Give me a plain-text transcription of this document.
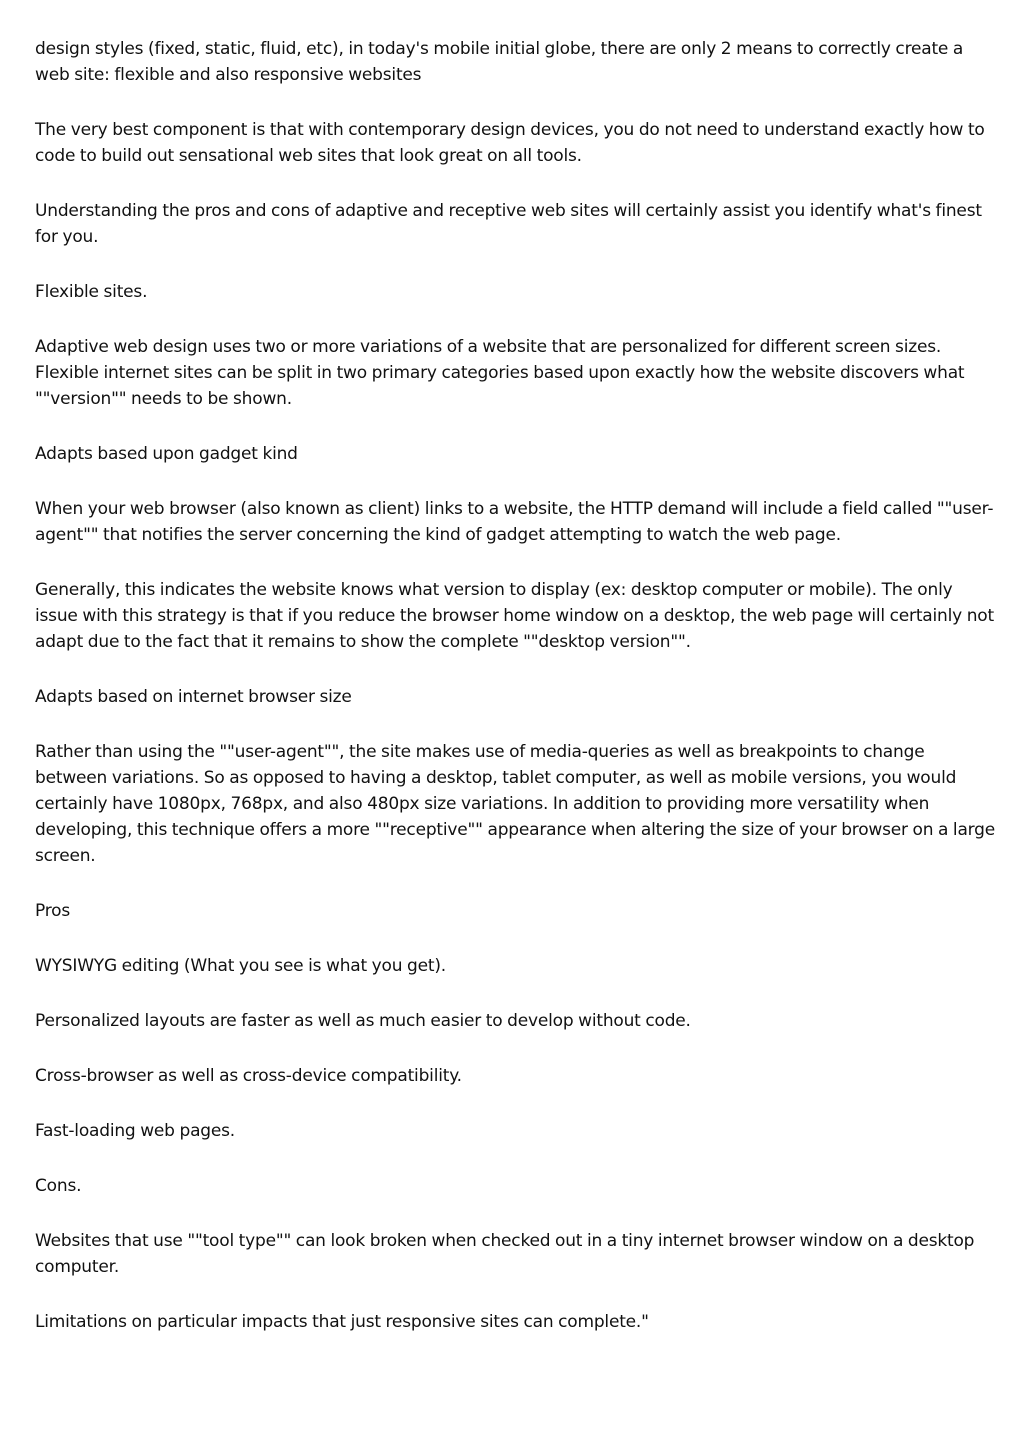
design styles (fixed, static, fluid, etc), in today's mobile initial globe, there are only 2 means to correctly create a web site: flexible and also responsive websites

The very best component is that with contemporary design devices, you do not need to understand exactly how to code to build out sensational web sites that look great on all tools.

Understanding the pros and cons of adaptive and receptive web sites will certainly assist you identify what's finest for you.

Flexible sites.

Adaptive web design uses two or more variations of a website that are personalized for different screen sizes. Flexible internet sites can be split in two primary categories based upon exactly how the website discovers what ""version"" needs to be shown.

Adapts based upon gadget kind

When your web browser (also known as client) links to a website, the HTTP demand will include a field called ""user-agent"" that notifies the server concerning the kind of gadget attempting to watch the web page.

Generally, this indicates the website knows what version to display (ex: desktop computer or mobile). The only issue with this strategy is that if you reduce the browser home window on a desktop, the web page will certainly not adapt due to the fact that it remains to show the complete ""desktop version"".

Adapts based on internet browser size

Rather than using the ""user-agent"", the site makes use of media-queries as well as breakpoints to change between variations. So as opposed to having a desktop, tablet computer, as well as mobile versions, you would certainly have 1080px, 768px, and also 480px size variations. In addition to providing more versatility when developing, this technique offers a more ""receptive"" appearance when altering the size of your browser on a large screen.

Pros

WYSIWYG editing (What you see is what you get).

Personalized layouts are faster as well as much easier to develop without code.

Cross-browser as well as cross-device compatibility.

Fast-loading web pages.

Cons.

Websites that use ""tool type"" can look broken when checked out in a tiny internet browser window on a desktop computer.

Limitations on particular impacts that just responsive sites can complete."
